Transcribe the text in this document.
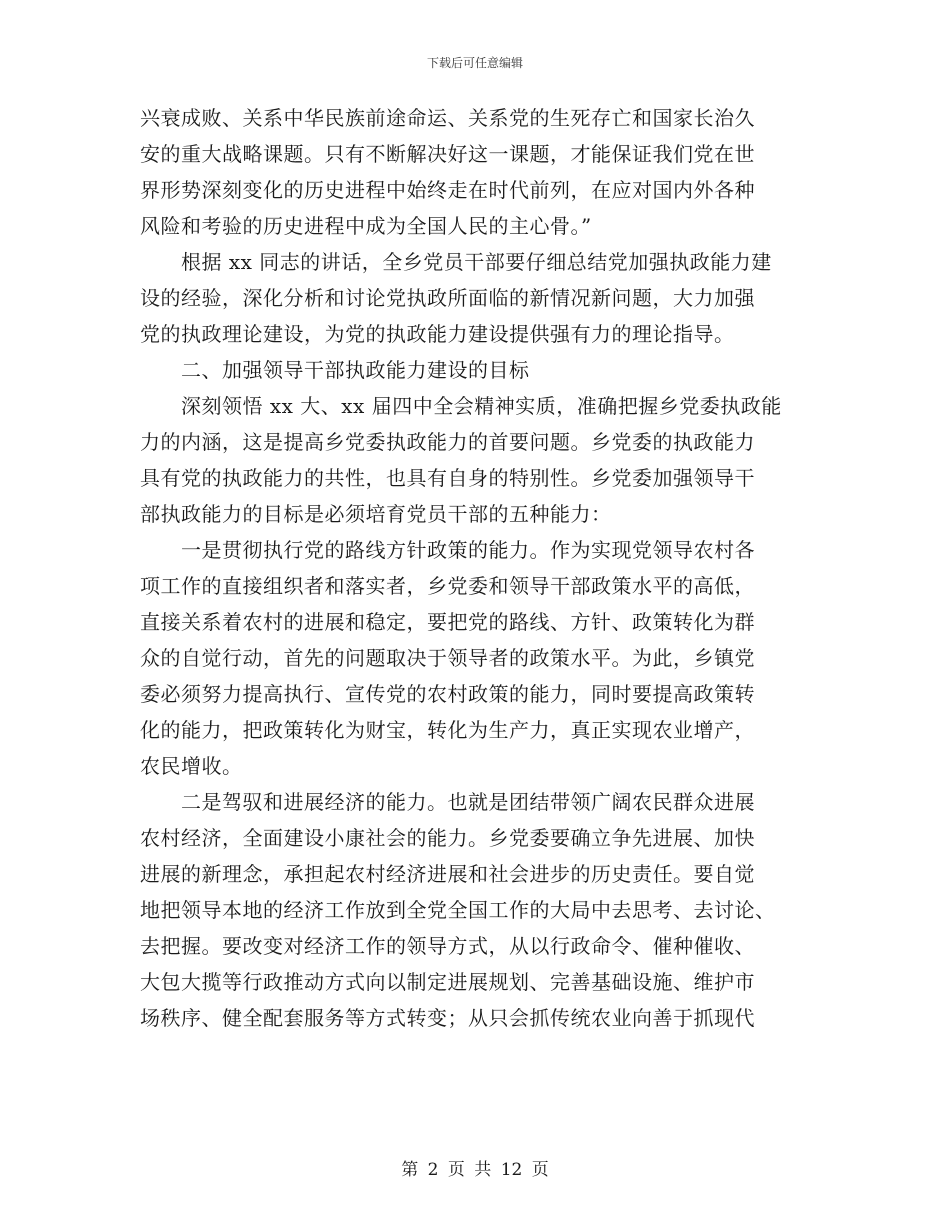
下载后可任意编辑
兴衰成败、关系中华民族前途命运、关系党的生死存亡和国家长治久
安的重大战略课题。只有不断解决好这一课题，才能保证我们党在世
界形势深刻变化的历史进程中始终走在时代前列，在应对国内外各种
风险和考验的历史进程中成为全国人民的主心骨。”
　　根据 xx 同志的讲话，全乡党员干部要仔细总结党加强执政能力建
设的经验，深化分析和讨论党执政所面临的新情况新问题，大力加强
党的执政理论建设，为党的执政能力建设提供强有力的理论指导。
　　二、加强领导干部执政能力建设的目标
　　深刻领悟 xx 大、xx 届四中全会精神实质，准确把握乡党委执政能
力的内涵，这是提高乡党委执政能力的首要问题。乡党委的执政能力
具有党的执政能力的共性，也具有自身的特别性。乡党委加强领导干
部执政能力的目标是必须培育党员干部的五种能力：
　　一是贯彻执行党的路线方针政策的能力。作为实现党领导农村各
项工作的直接组织者和落实者，乡党委和领导干部政策水平的高低，
直接关系着农村的进展和稳定，要把党的路线、方针、政策转化为群
众的自觉行动，首先的问题取决于领导者的政策水平。为此，乡镇党
委必须努力提高执行、宣传党的农村政策的能力，同时要提高政策转
化的能力，把政策转化为财宝，转化为生产力，真正实现农业增产，
农民增收。
　　二是驾驭和进展经济的能力。也就是团结带领广阔农民群众进展
农村经济，全面建设小康社会的能力。乡党委要确立争先进展、加快
进展的新理念，承担起农村经济进展和社会进步的历史责任。要自觉
地把领导本地的经济工作放到全党全国工作的大局中去思考、去讨论、
去把握。要改变对经济工作的领导方式，从以行政命令、催种催收、
大包大揽等行政推动方式向以制定进展规划、完善基础设施、维护市
场秩序、健全配套服务等方式转变；从只会抓传统农业向善于抓现代
第 2 页 共 12 页
